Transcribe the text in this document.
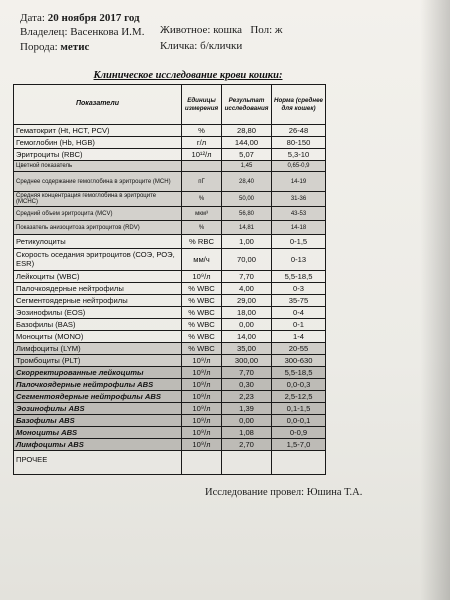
Дата: 20 ноября 2017 год
Владелец: Васенкова И.М.
Порода: метис
Животное: кошка Пол: ж
Кличка: б/клички
Клиническое исследование крови кошки:
Показатели	Единицы измерения	Результат исследования	Норма (среднее для кошек)
Гематокрит (Ht, HCT, PCV)	%	28,80	26-48
Гемоглобин (Hb, HGB)	г/л	144,00	80-150
Эритроциты (RBC)	10¹²/л	5,07	5,3-10
Цветной показатель		1,45	0,65-0,9
Среднее содержание гемоглобина в эритроците (MCH)	пГ	28,40	14-19
Средняя концентрация гемоглобина в эритроците (MCHC)	%	50,00	31-36
Средний объем эритроцита (MCV)	мкм³	56,80	43-53
Показатель анизоцитоза эритроцитов (RDV)	%	14,81	14-18
Ретикулоциты	% RBC	1,00	0-1,5
Скорость оседания эритроцитов (СОЭ, РОЭ, ESR)	мм/ч	70,00	0-13
Лейкоциты (WBC)	10⁹/л	7,70	5,5-18,5
Палочкоядерные нейтрофилы	% WBC	4,00	0-3
Сегментоядерные нейтрофилы	% WBC	29,00	35-75
Эозинофилы (EOS)	% WBC	18,00	0-4
Базофилы (BAS)	% WBC	0,00	0-1
Моноциты (MONO)	% WBC	14,00	1-4
Лимфоциты (LYM)	% WBC	35,00	20-55
Тромбоциты (PLT)	10⁹/л	300,00	300-630
Скорректированные лейкоциты	10⁹/л	7,70	5,5-18,5
Палочкоядерные нейтрофилы ABS	10⁹/л	0,30	0,0-0,3
Сегментоядерные нейтрофилы ABS	10⁹/л	2,23	2,5-12,5
Эозинофилы ABS	10⁹/л	1,39	0,1-1,5
Базофилы ABS	10⁹/л	0,00	0,0-0,1
Моноциты ABS	10⁹/л	1,08	0-0,9
Лимфоциты ABS	10⁹/л	2,70	1,5-7,0
ПРОЧЕЕ			
Исследование провел: Юшина Т.А.
